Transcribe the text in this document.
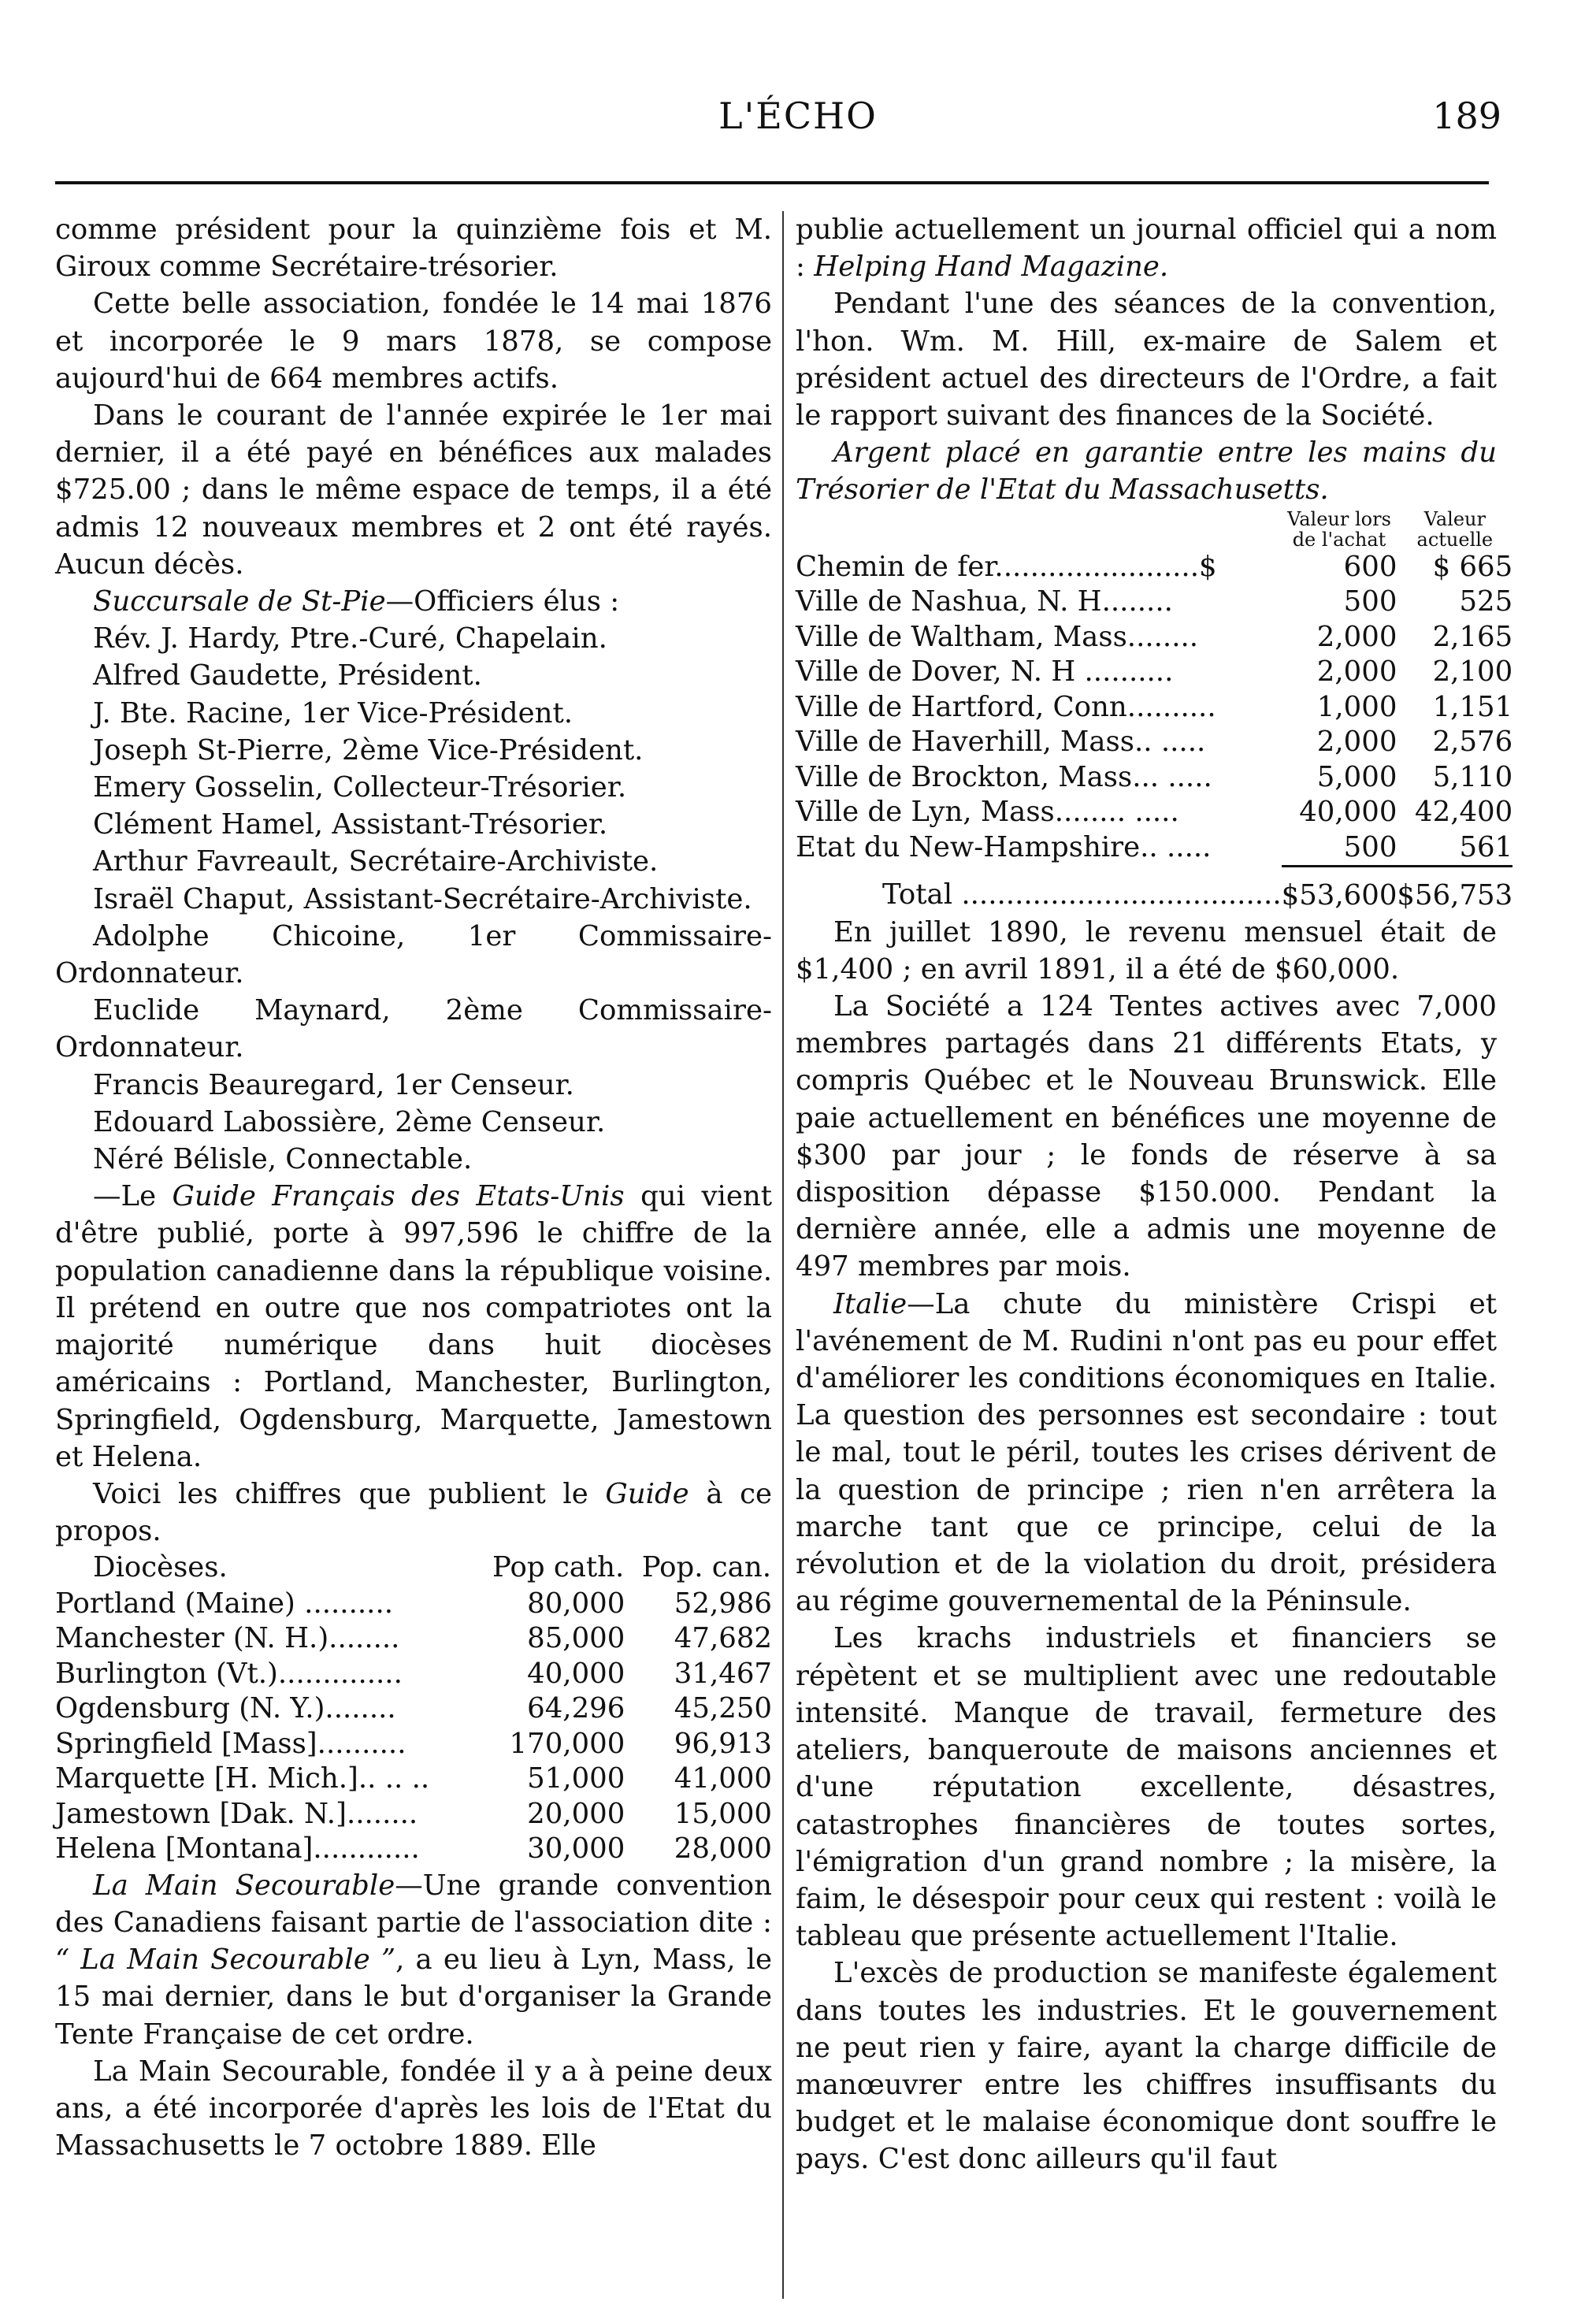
L'ÉCHO	189

comme président pour la quinzième fois et M. Giroux comme Secrétaire-trésorier.

Cette belle association, fondée le 14 mai 1876 et incorporée le 9 mars 1878, se compose aujourd'hui de 664 membres actifs.

Dans le courant de l'année expirée le 1er mai dernier, il a été payé en bénéfices aux malades $725.00 ; dans le même espace de temps, il a été admis 12 nouveaux membres et 2 ont été rayés. Aucun décès.

Succursale de St-Pie—Officiers élus :

Rév. J. Hardy, Ptre.-Curé, Chapelain.

Alfred Gaudette, Président.

J. Bte. Racine, 1er Vice-Président.

Joseph St-Pierre, 2ème Vice-Président.

Emery Gosselin, Collecteur-Trésorier.

Clément Hamel, Assistant-Trésorier.

Arthur Favreault, Secrétaire-Archiviste.

Israël Chaput, Assistant-Secrétaire-Archiviste.

Adolphe Chicoine, 1er Commissaire-Ordonnateur.

Euclide Maynard, 2ème Commissaire-Ordonnateur.

Francis Beauregard, 1er Censeur.

Edouard Labossière, 2ème Censeur.

Néré Bélisle, Connectable.

—Le Guide Français des Etats-Unis qui vient d'être publié, porte à 997,596 le chiffre de la population canadienne dans la république voisine. Il prétend en outre que nos compatriotes ont la majorité numérique dans huit diocèses américains : Portland, Manchester, Burlington, Springfield, Ogdensburg, Marquette, Jamestown et Helena.

Voici les chiffres que publient le Guide à ce propos.

Diocèses.	Pop cath.	Pop. can.
Portland (Maine) ..........	80,000	52,986
Manchester (N. H.)........	85,000	47,682
Burlington (Vt.)..............	40,000	31,467
Ogdensburg (N. Y.)........	64,296	45,250
Springfield [Mass]..........	170,000	96,913
Marquette [H. Mich.].. .. ..	51,000	41,000
Jamestown [Dak. N.]........	20,000	15,000
Helena [Montana]............	30,000	28,000

La Main Secourable—Une grande convention des Canadiens faisant partie de l'association dite : “ La Main Secourable ”, a eu lieu à Lyn, Mass, le 15 mai dernier, dans le but d'organiser la Grande Tente Française de cet ordre.

La Main Secourable, fondée il y a à peine deux ans, a été incorporée d'après les lois de l'Etat du Massachusetts le 7 octobre 1889. Elle

publie actuellement un journal officiel qui a nom : Helping Hand Magazine.

Pendant l'une des séances de la convention, l'hon. Wm. M. Hill, ex-maire de Salem et président actuel des directeurs de l'Ordre, a fait le rapport suivant des finances de la Société.

Argent placé en garantie entre les mains du Trésorier de l'Etat du Massachusetts.

	Valeur lors de l'achat	Valeur actuelle
Chemin de fer.......................$	600	$ 665
Ville de Nashua, N. H........	500	525
Ville de Waltham, Mass........	2,000	2,165
Ville de Dover, N. H ..........	2,000	2,100
Ville de Hartford, Conn..........	1,000	1,151
Ville de Haverhill, Mass.. .....	2,000	2,576
Ville de Brockton, Mass... .....	5,000	5,110
Ville de Lyn, Mass........ .....	40,000	42,400
Etat du New-Hampshire.. .....	500	561
Total ....................................	$53,600	$56,753

En juillet 1890, le revenu mensuel était de $1,400 ; en avril 1891, il a été de $60,000.

La Société a 124 Tentes actives avec 7,000 membres partagés dans 21 différents Etats, y compris Québec et le Nouveau Brunswick. Elle paie actuellement en bénéfices une moyenne de $300 par jour ; le fonds de réserve à sa disposition dépasse $150.000. Pendant la dernière année, elle a admis une moyenne de 497 membres par mois.

Italie—La chute du ministère Crispi et l'avénement de M. Rudini n'ont pas eu pour effet d'améliorer les conditions économiques en Italie. La question des personnes est secondaire : tout le mal, tout le péril, toutes les crises dérivent de la question de principe ; rien n'en arrêtera la marche tant que ce principe, celui de la révolution et de la violation du droit, présidera au régime gouvernemental de la Péninsule.

Les krachs industriels et financiers se répètent et se multiplient avec une redoutable intensité. Manque de travail, fermeture des ateliers, banqueroute de maisons anciennes et d'une réputation excellente, désastres, catastrophes financières de toutes sortes, l'émigration d'un grand nombre ; la misère, la faim, le désespoir pour ceux qui restent : voilà le tableau que présente actuellement l'Italie.

L'excès de production se manifeste également dans toutes les industries. Et le gouvernement ne peut rien y faire, ayant la charge difficile de manœuvrer entre les chiffres insuffisants du budget et le malaise économique dont souffre le pays. C'est donc ailleurs qu'il faut
